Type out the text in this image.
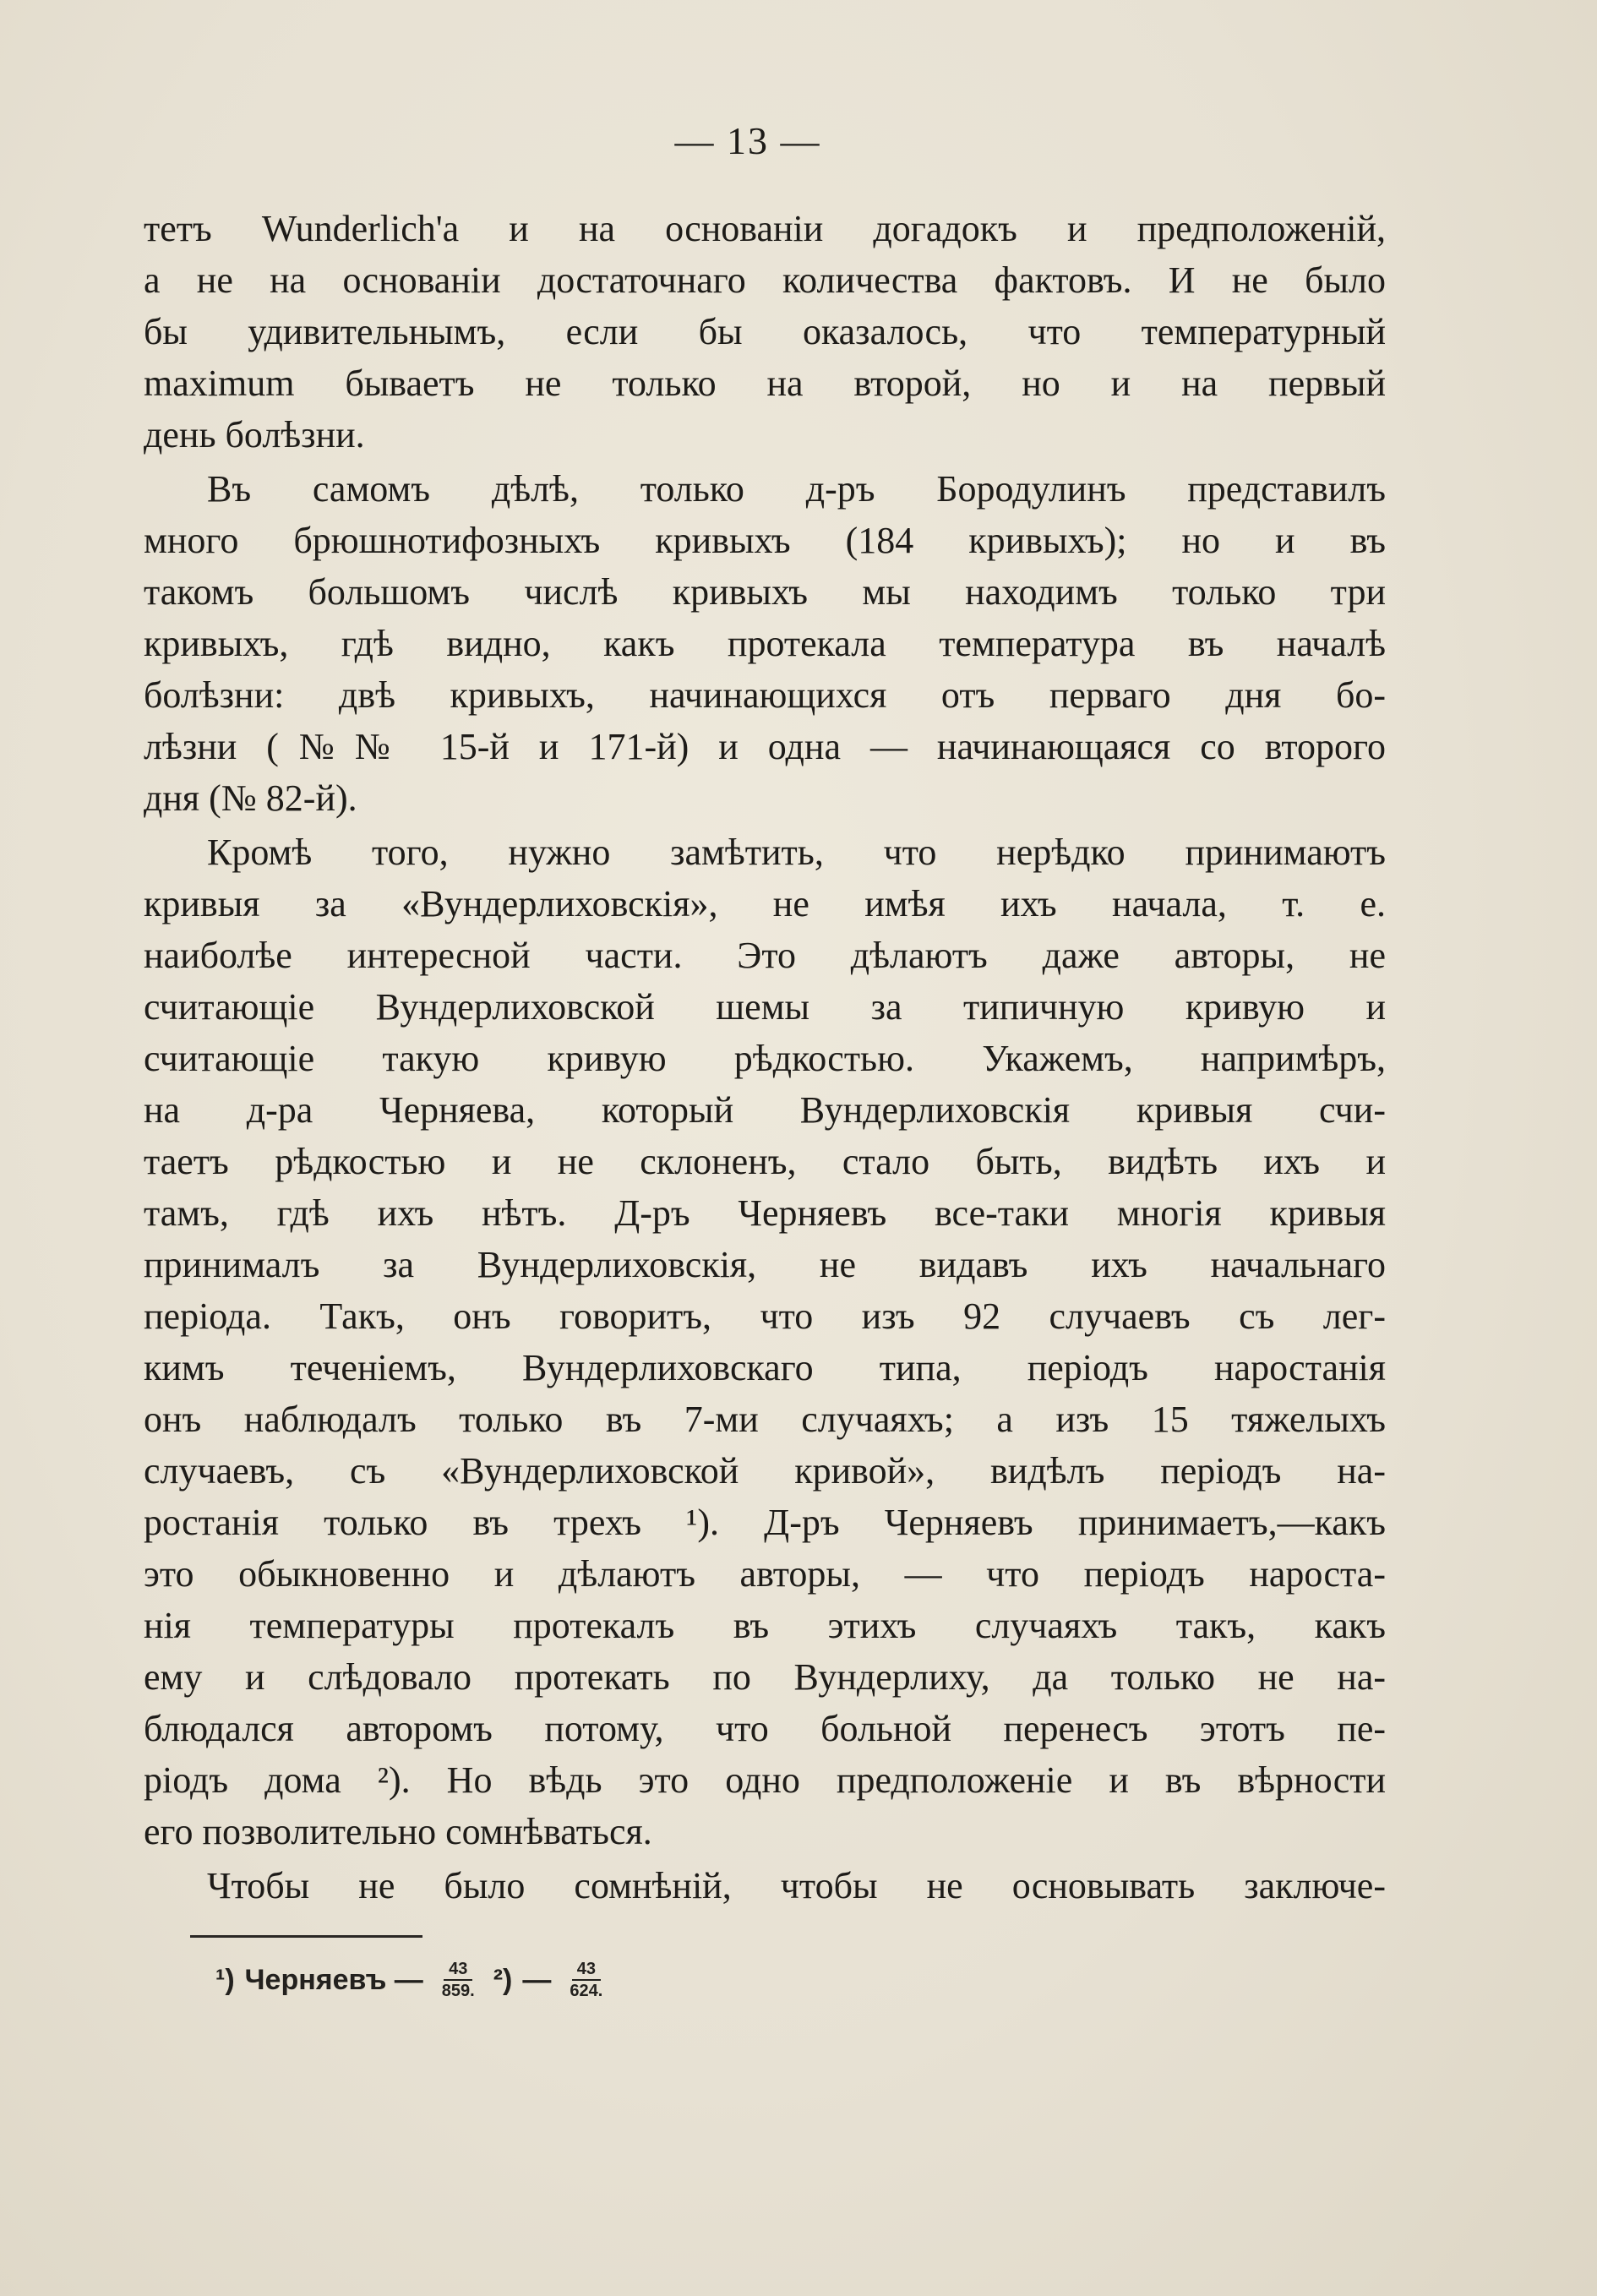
— 13 —
тетъ Wunderlich'а и на основанiи догадокъ и предположенiй,
а не на основанiи достаточнаго количества фактовъ. И не было
бы удивительнымъ, если бы оказалось, что температурный
maximum бываетъ не только на второй, но и на первый
день болѣзни.
Въ самомъ дѣлѣ, только д-ръ Бородулинъ представилъ
много брюшнотифозныхъ кривыхъ (184 кривыхъ); но и въ
такомъ большомъ числѣ кривыхъ мы находимъ только три
кривыхъ, гдѣ видно, какъ протекала температура въ началѣ
болѣзни: двѣ кривыхъ, начинающихся отъ перваго дня бо-
лѣзни (№№ 15-й и 171-й) и одна — начинающаяся со второго
дня (№ 82-й).
Кромѣ того, нужно замѣтить, что нерѣдко принимаютъ
кривыя за «Вундерлиховскiя», не имѣя ихъ начала, т. е.
наиболѣе интересной части. Это дѣлаютъ даже авторы, не
считающiе Вундерлиховской шемы за типичную кривую и
считающiе такую кривую рѣдкостью. Укажемъ, напримѣръ,
на д-ра Черняева, который Вундерлиховскiя кривыя счи-
таетъ рѣдкостью и не склоненъ, стало быть, видѣть ихъ и
тамъ, гдѣ ихъ нѣтъ. Д-ръ Черняевъ все-таки многiя кривыя
принималъ за Вундерлиховскiя, не видавъ ихъ начальнаго
перiода. Такъ, онъ говоритъ, что изъ 92 случаевъ съ лег-
кимъ теченiемъ, Вундерлиховскаго типа, перiодъ наростанiя
онъ наблюдалъ только въ 7-ми случаяхъ; а изъ 15 тяжелыхъ
случаевъ, съ «Вундерлиховской кривой», видѣлъ перiодъ на-
ростанiя только въ трехъ ¹). Д-ръ Черняевъ принимаетъ,—какъ
это обыкновенно и дѣлаютъ авторы, — что перiодъ нароста-
нiя температуры протекалъ въ этихъ случаяхъ такъ, какъ
ему и слѣдовало протекать по Вундерлиху, да только не на-
блюдался авторомъ потому, что больной перенесъ этотъ пе-
рiодъ дома ²). Но вѣдь это одно предположенiе и въ вѣрности
его позволительно сомнѣваться.
Чтобы не было сомнѣнiй, чтобы не основывать заключе-
¹) Черняевъ — $\frac{43}{859.} ^2$) — $\frac{43}{624.}$
